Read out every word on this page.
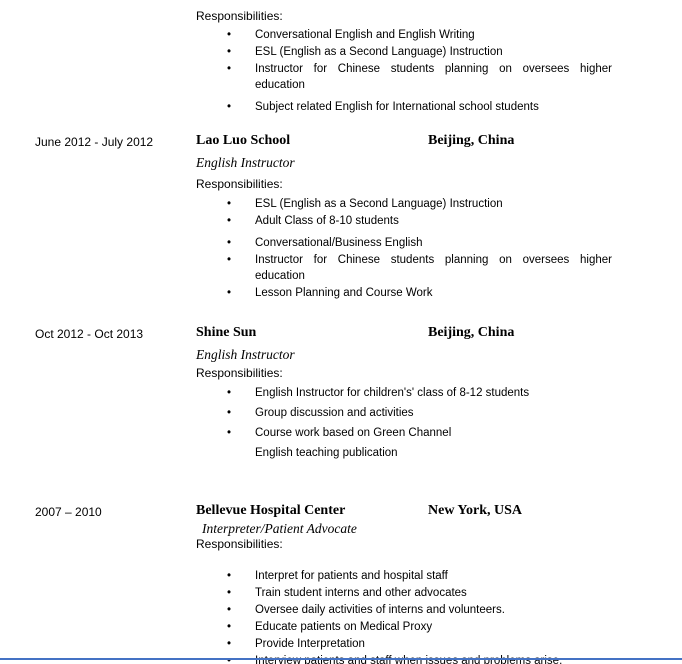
Responsibilities:
•	Conversational English and English Writing
•	ESL (English as a Second Language) Instruction
•	Instructor for Chinese students planning on oversees higher education
•	Subject related English for International school students
June 2012 - July 2012	Lao Luo School	Beijing, China
English Instructor
Responsibilities:
•	ESL (English as a Second Language) Instruction
•	Adult Class of 8-10 students
•	Conversational/Business English
•	Instructor for Chinese students planning on oversees higher education
•	Lesson Planning and Course Work
Oct 2012 - Oct 2013	Shine Sun	Beijing, China
English Instructor
Responsibilities:
•	English Instructor for children's' class of 8-12 students
•	Group discussion and activities
•	Course work based on Green Channel
English teaching publication
2007 – 2010	Bellevue Hospital Center	New York, USA
Interpreter/Patient Advocate
Responsibilities:
•	Interpret for patients and hospital staff
•	Train student interns and other advocates
•	Oversee daily activities of interns and volunteers.
•	Educate patients on Medical Proxy
•	Provide Interpretation
